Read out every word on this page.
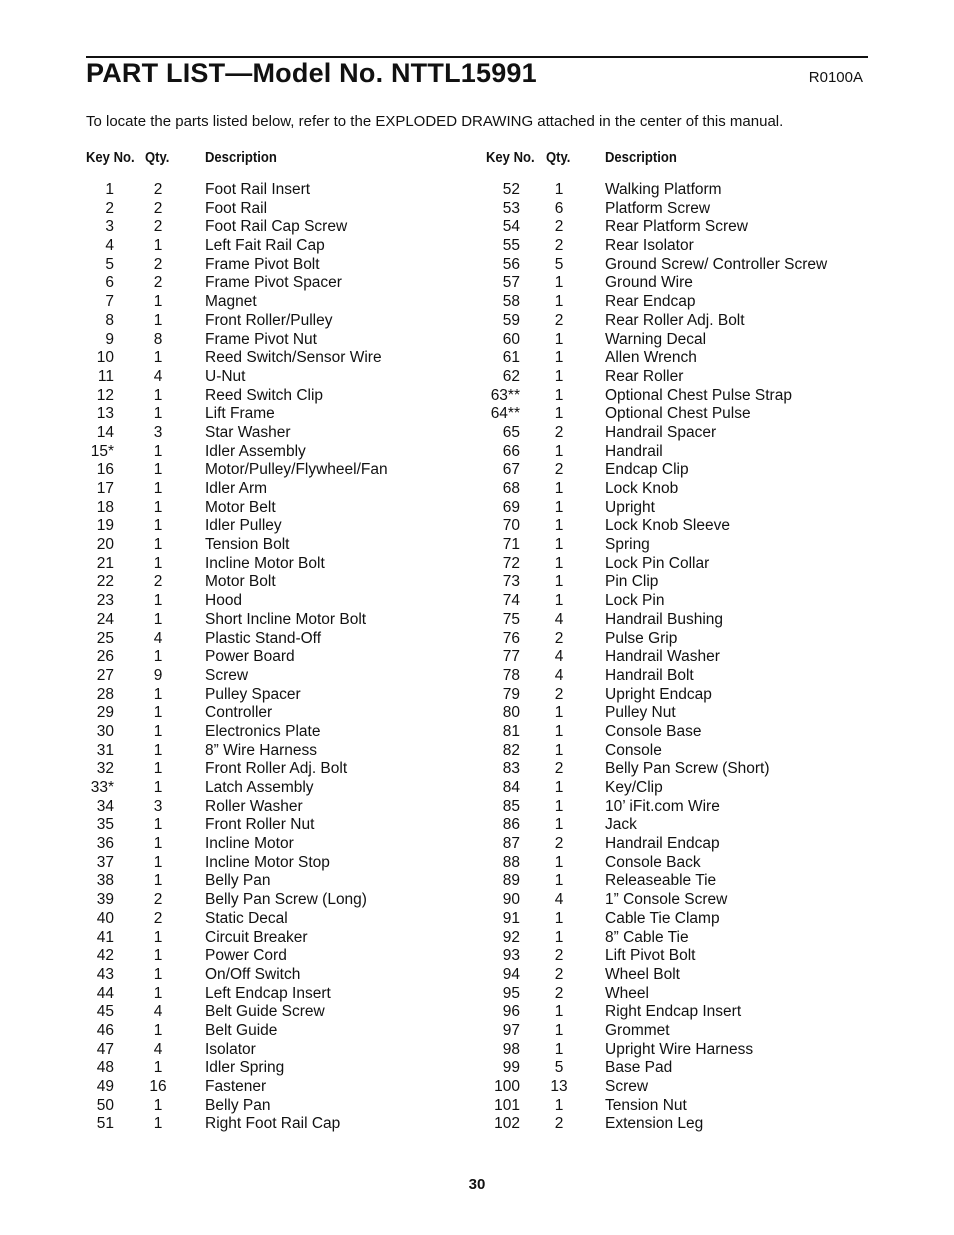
PART LIST—Model No. NTTL15991	R0100A
To locate the parts listed below, refer to the EXPLODED DRAWING attached in the center of this manual.
Key No. Qty. Description	Key No. Qty. Description
1	2	Foot Rail Insert
2	2	Foot Rail
3	2	Foot Rail Cap Screw
4	1	Left Fait Rail Cap
5	2	Frame Pivot Bolt
6	2	Frame Pivot Spacer
7	1	Magnet
8	1	Front Roller/Pulley
9	8	Frame Pivot Nut
10	1	Reed Switch/Sensor Wire
11	4	U-Nut
12	1	Reed Switch Clip
13	1	Lift Frame
14	3	Star Washer
15*	1	Idler Assembly
16	1	Motor/Pulley/Flywheel/Fan
17	1	Idler Arm
18	1	Motor Belt
19	1	Idler Pulley
20	1	Tension Bolt
21	1	Incline Motor Bolt
22	2	Motor Bolt
23	1	Hood
24	1	Short Incline Motor Bolt
25	4	Plastic Stand-Off
26	1	Power Board
27	9	Screw
28	1	Pulley Spacer
29	1	Controller
30	1	Electronics Plate
31	1	8” Wire Harness
32	1	Front Roller Adj. Bolt
33*	1	Latch Assembly
34	3	Roller Washer
35	1	Front Roller Nut
36	1	Incline Motor
37	1	Incline Motor Stop
38	1	Belly Pan
39	2	Belly Pan Screw (Long)
40	2	Static Decal
41	1	Circuit Breaker
42	1	Power Cord
43	1	On/Off Switch
44	1	Left Endcap Insert
45	4	Belt Guide Screw
46	1	Belt Guide
47	4	Isolator
48	1	Idler Spring
49	16	Fastener
50	1	Belly Pan
51	1	Right Foot Rail Cap
52	1	Walking Platform
53	6	Platform Screw
54	2	Rear Platform Screw
55	2	Rear Isolator
56	5	Ground Screw/ Controller Screw
57	1	Ground Wire
58	1	Rear Endcap
59	2	Rear Roller Adj. Bolt
60	1	Warning Decal
61	1	Allen Wrench
62	1	Rear Roller
63**	1	Optional Chest Pulse Strap
64**	1	Optional Chest Pulse
65	2	Handrail Spacer
66	1	Handrail
67	2	Endcap Clip
68	1	Lock Knob
69	1	Upright
70	1	Lock Knob Sleeve
71	1	Spring
72	1	Lock Pin Collar
73	1	Pin Clip
74	1	Lock Pin
75	4	Handrail Bushing
76	2	Pulse Grip
77	4	Handrail Washer
78	4	Handrail Bolt
79	2	Upright Endcap
80	1	Pulley Nut
81	1	Console Base
82	1	Console
83	2	Belly Pan Screw (Short)
84	1	Key/Clip
85	1	10’ iFit.com Wire
86	1	Jack
87	2	Handrail Endcap
88	1	Console Back
89	1	Releaseable Tie
90	4	1” Console Screw
91	1	Cable Tie Clamp
92	1	8” Cable Tie
93	2	Lift Pivot Bolt
94	2	Wheel Bolt
95	2	Wheel
96	1	Right Endcap Insert
97	1	Grommet
98	1	Upright Wire Harness
99	5	Base Pad
100	13	Screw
101	1	Tension Nut
102	2	Extension Leg
30
